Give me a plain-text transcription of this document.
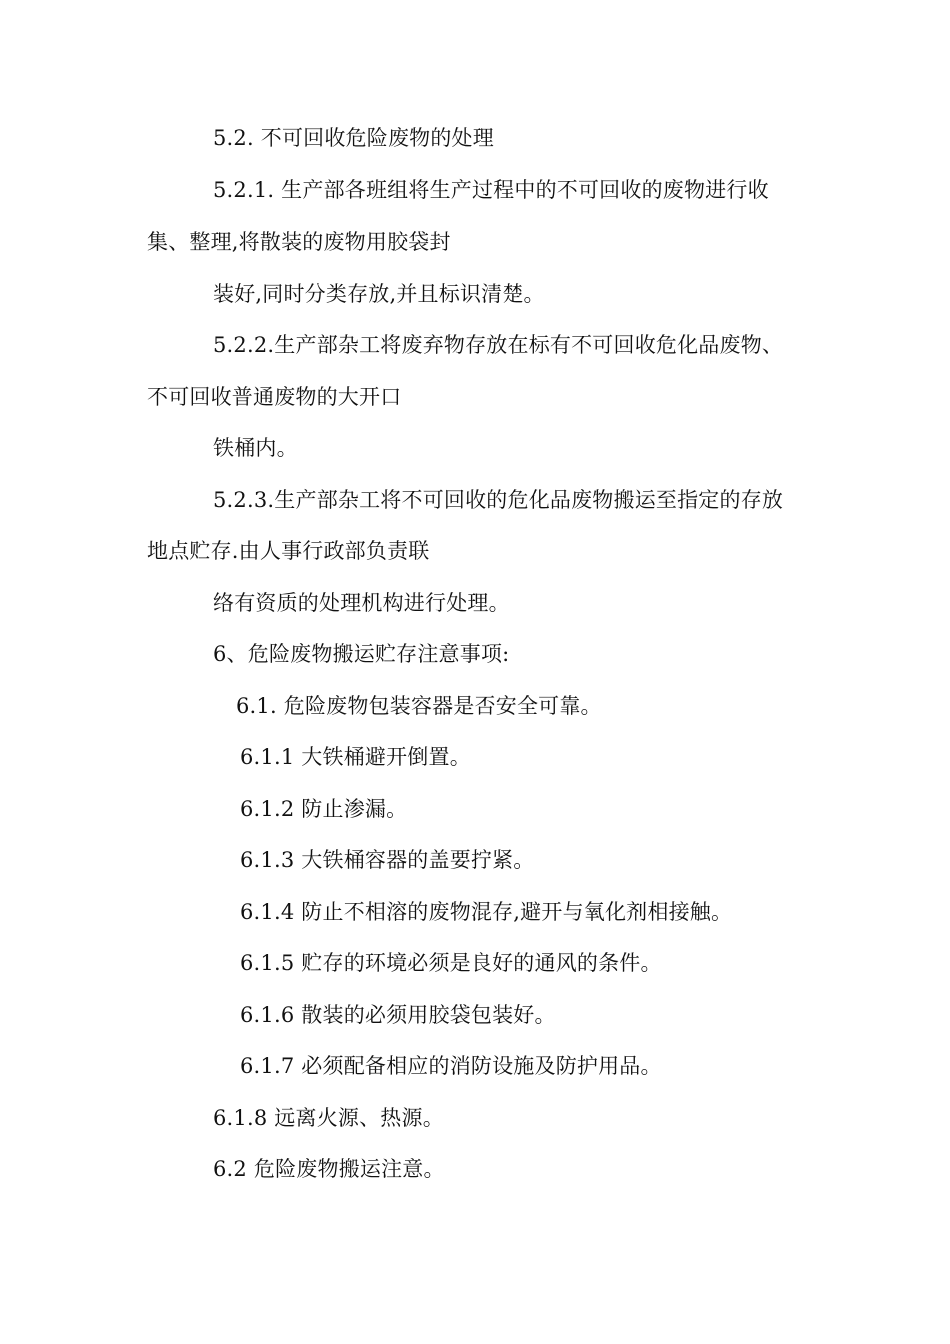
5.2. 不可回收危险废物的处理
5.2.1. 生产部各班组将生产过程中的不可回收的废物进行收
集、整理,将散装的废物用胶袋封
装好,同时分类存放,并且标识清楚。
5.2.2.生产部杂工将废弃物存放在标有不可回收危化品废物、
不可回收普通废物的大开口
铁桶内。
5.2.3.生产部杂工将不可回收的危化品废物搬运至指定的存放
地点贮存.由人事行政部负责联
络有资质的处理机构进行处理。
6、危险废物搬运贮存注意事项:
6.1. 危险废物包装容器是否安全可靠。
6.1.1 大铁桶避开倒置。
6.1.2 防止渗漏。
6.1.3 大铁桶容器的盖要拧紧。
6.1.4 防止不相溶的废物混存,避开与氧化剂相接触。
6.1.5 贮存的环境必须是良好的通风的条件。
6.1.6 散装的必须用胶袋包装好。
6.1.7 必须配备相应的消防设施及防护用品。
6.1.8 远离火源、热源。
6.2 危险废物搬运注意。
